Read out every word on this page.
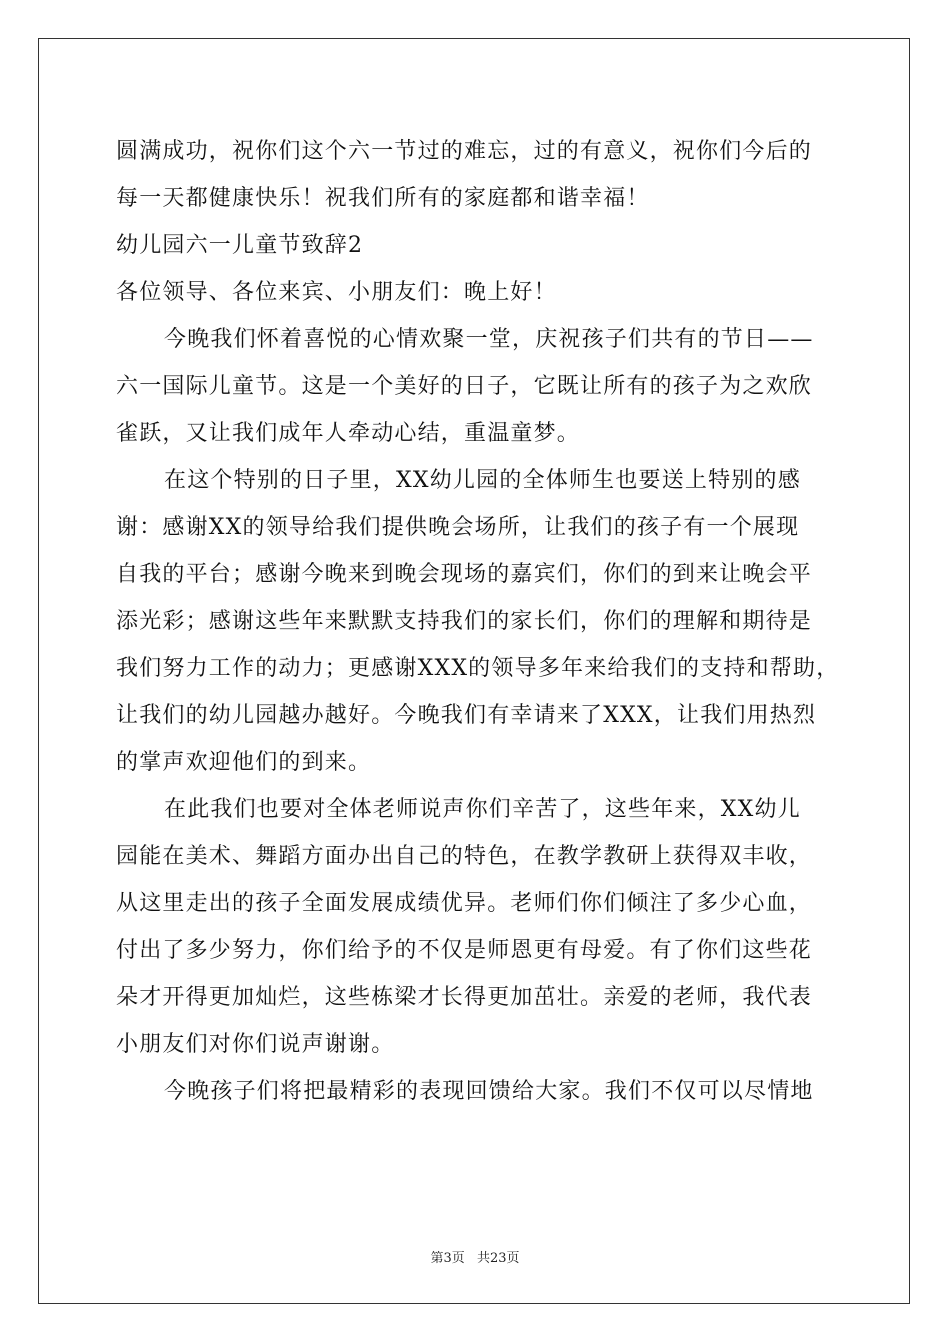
圆满成功，祝你们这个六一节过的难忘，过的有意义，祝你们今后的
每一天都健康快乐！祝我们所有的家庭都和谐幸福！
幼儿园六一儿童节致辞2
各位领导、各位来宾、小朋友们：晚上好！
今晚我们怀着喜悦的心情欢聚一堂，庆祝孩子们共有的节日——
六一国际儿童节。这是一个美好的日子，它既让所有的孩子为之欢欣
雀跃，又让我们成年人牵动心结，重温童梦。
在这个特别的日子里，XX幼儿园的全体师生也要送上特别的感
谢：感谢XX的领导给我们提供晚会场所，让我们的孩子有一个展现
自我的平台；感谢今晚来到晚会现场的嘉宾们，你们的到来让晚会平
添光彩；感谢这些年来默默支持我们的家长们，你们的理解和期待是
我们努力工作的动力；更感谢XXX的领导多年来给我们的支持和帮助，
让我们的幼儿园越办越好。今晚我们有幸请来了XXX，让我们用热烈
的掌声欢迎他们的到来。
在此我们也要对全体老师说声你们辛苦了，这些年来，XX幼儿
园能在美术、舞蹈方面办出自己的特色，在教学教研上获得双丰收，
从这里走出的孩子全面发展成绩优异。老师们你们倾注了多少心血，
付出了多少努力，你们给予的不仅是师恩更有母爱。有了你们这些花
朵才开得更加灿烂，这些栋梁才长得更加茁壮。亲爱的老师，我代表
小朋友们对你们说声谢谢。
今晚孩子们将把最精彩的表现回馈给大家。我们不仅可以尽情地
第3页 共23页
